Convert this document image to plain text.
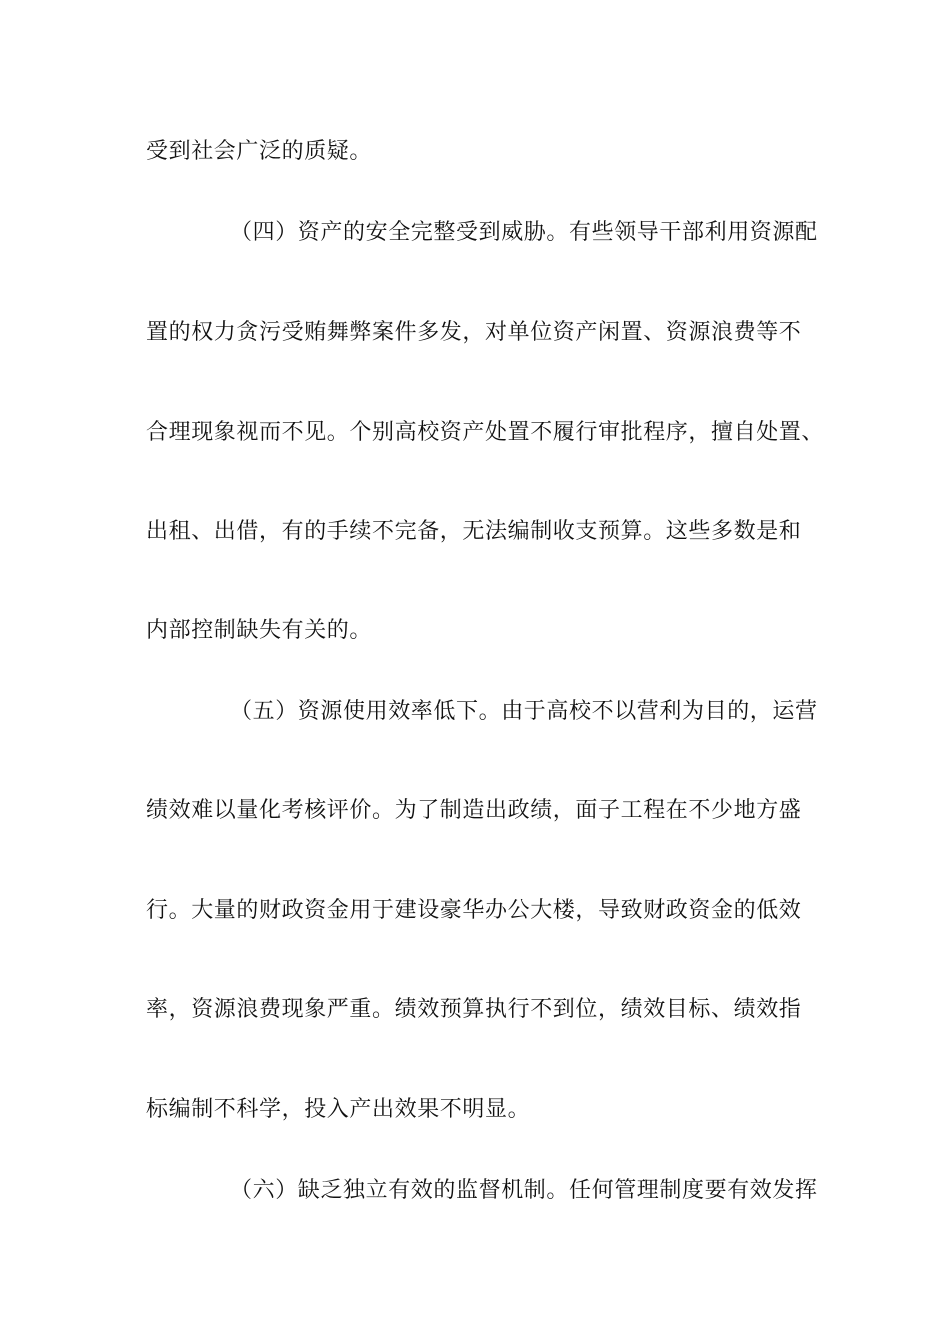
受到社会广泛的质疑。
（四）资产的安全完整受到威胁。有些领导干部利用资源配
置的权力贪污受贿舞弊案件多发，对单位资产闲置、资源浪费等不
合理现象视而不见。个别高校资产处置不履行审批程序，擅自处置、
出租、出借，有的手续不完备，无法编制收支预算。这些多数是和
内部控制缺失有关的。
（五）资源使用效率低下。由于高校不以营利为目的，运营
绩效难以量化考核评价。为了制造出政绩，面子工程在不少地方盛
行。大量的财政资金用于建设豪华办公大楼，导致财政资金的低效
率，资源浪费现象严重。绩效预算执行不到位，绩效目标、绩效指
标编制不科学，投入产出效果不明显。
（六）缺乏独立有效的监督机制。任何管理制度要有效发挥
